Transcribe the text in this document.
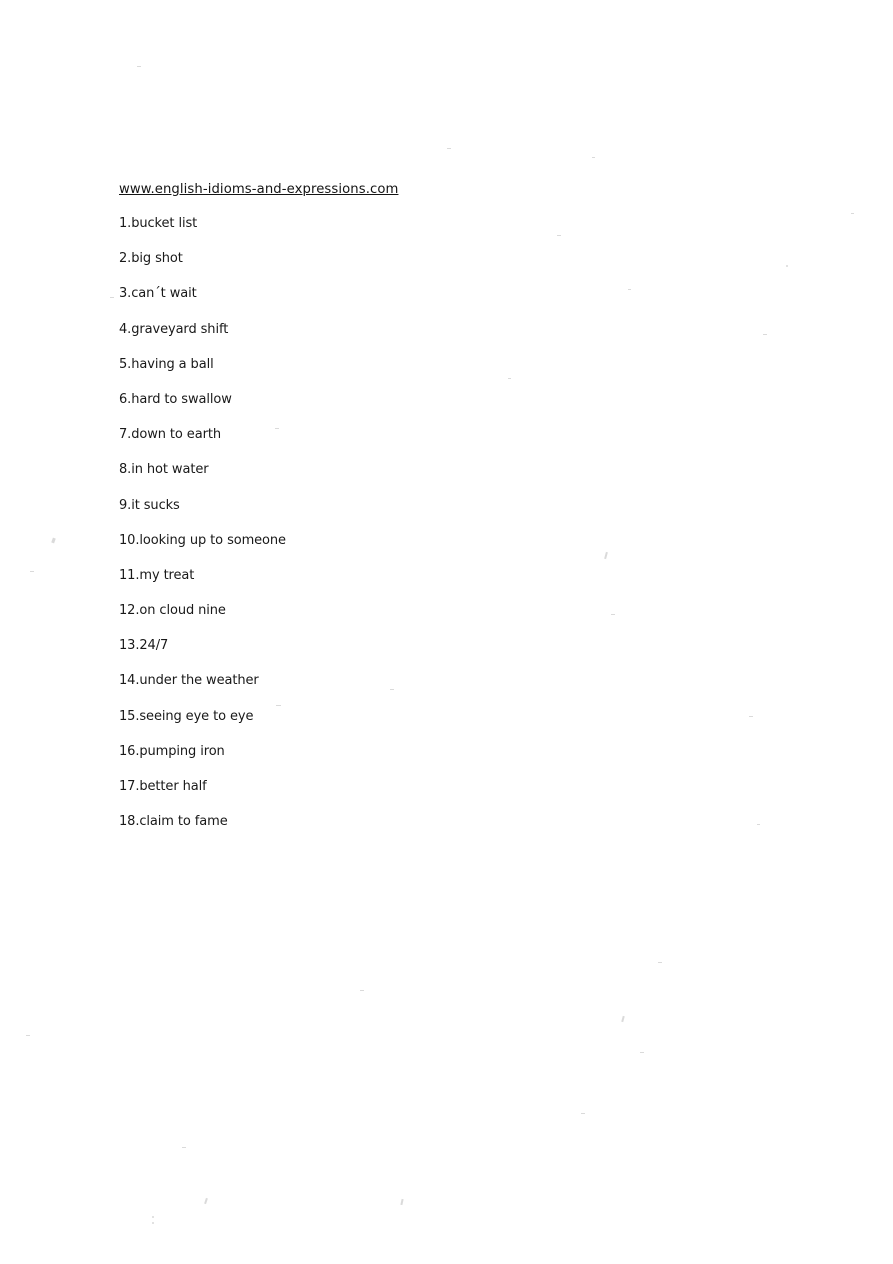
www.english-idioms-and-expressions.com
1.bucket list
2.big shot
3.can´t wait
4.graveyard shift
5.having a ball
6.hard to swallow
7.down to earth
8.in hot water
9.it sucks
10.looking up to someone
11.my treat
12.on cloud nine
13.24/7
14.under the weather
15.seeing eye to eye
16.pumping iron
17.better half
18.claim to fame
